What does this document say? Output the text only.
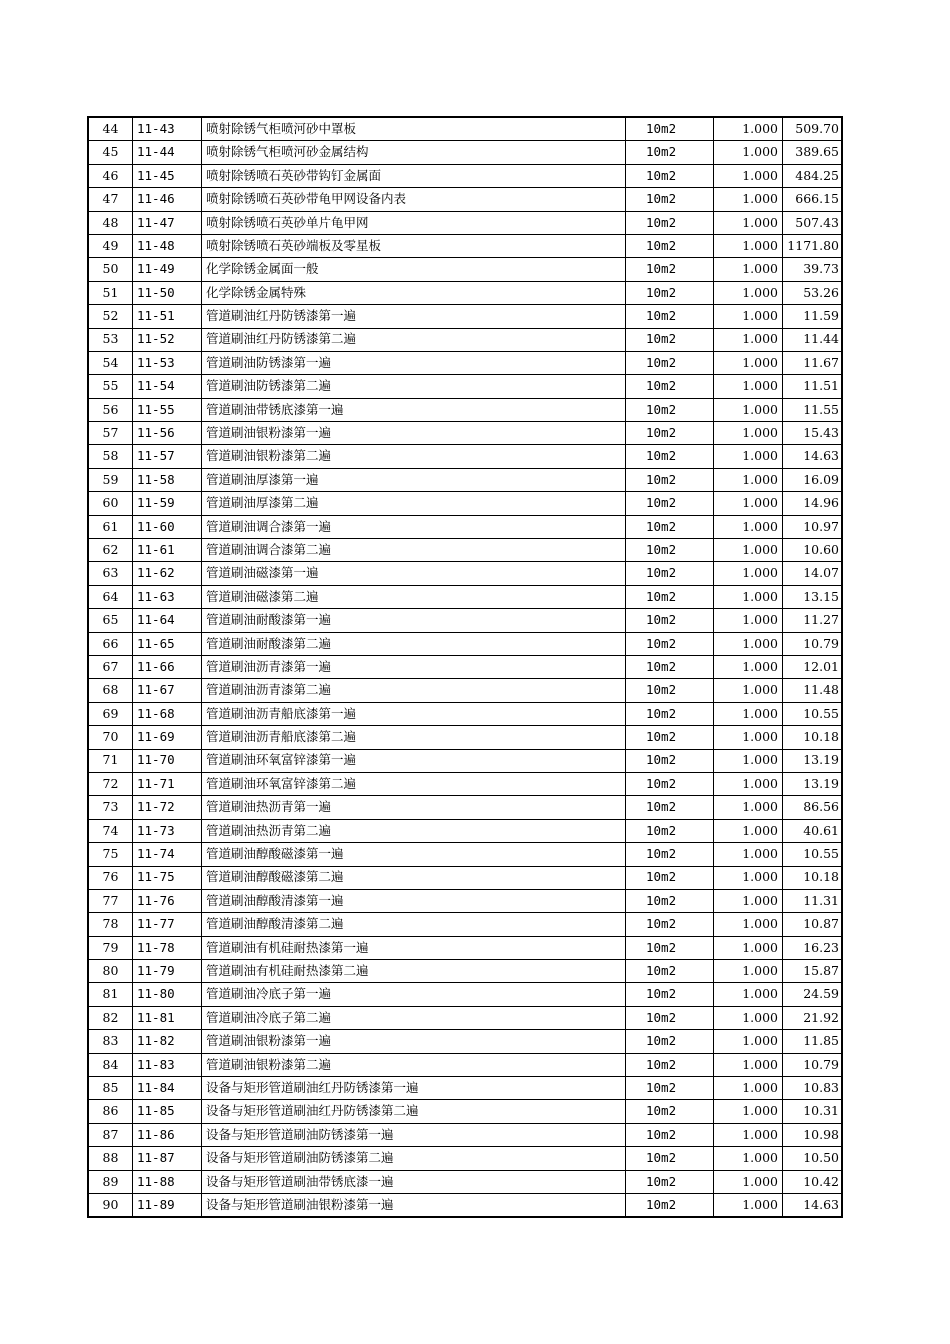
44	11-43	喷射除锈气柜喷河砂中罩板	10m2	1.000	509.70
45	11-44	喷射除锈气柜喷河砂金属结构	10m2	1.000	389.65
46	11-45	喷射除锈喷石英砂带钩钉金属面	10m2	1.000	484.25
47	11-46	喷射除锈喷石英砂带龟甲网设备内表	10m2	1.000	666.15
48	11-47	喷射除锈喷石英砂单片龟甲网	10m2	1.000	507.43
49	11-48	喷射除锈喷石英砂端板及零星板	10m2	1.000	1171.80
50	11-49	化学除锈金属面一般	10m2	1.000	39.73
51	11-50	化学除锈金属特殊	10m2	1.000	53.26
52	11-51	管道刷油红丹防锈漆第一遍	10m2	1.000	11.59
53	11-52	管道刷油红丹防锈漆第二遍	10m2	1.000	11.44
54	11-53	管道刷油防锈漆第一遍	10m2	1.000	11.67
55	11-54	管道刷油防锈漆第二遍	10m2	1.000	11.51
56	11-55	管道刷油带锈底漆第一遍	10m2	1.000	11.55
57	11-56	管道刷油银粉漆第一遍	10m2	1.000	15.43
58	11-57	管道刷油银粉漆第二遍	10m2	1.000	14.63
59	11-58	管道刷油厚漆第一遍	10m2	1.000	16.09
60	11-59	管道刷油厚漆第二遍	10m2	1.000	14.96
61	11-60	管道刷油调合漆第一遍	10m2	1.000	10.97
62	11-61	管道刷油调合漆第二遍	10m2	1.000	10.60
63	11-62	管道刷油磁漆第一遍	10m2	1.000	14.07
64	11-63	管道刷油磁漆第二遍	10m2	1.000	13.15
65	11-64	管道刷油耐酸漆第一遍	10m2	1.000	11.27
66	11-65	管道刷油耐酸漆第二遍	10m2	1.000	10.79
67	11-66	管道刷油沥青漆第一遍	10m2	1.000	12.01
68	11-67	管道刷油沥青漆第二遍	10m2	1.000	11.48
69	11-68	管道刷油沥青船底漆第一遍	10m2	1.000	10.55
70	11-69	管道刷油沥青船底漆第二遍	10m2	1.000	10.18
71	11-70	管道刷油环氧富锌漆第一遍	10m2	1.000	13.19
72	11-71	管道刷油环氧富锌漆第二遍	10m2	1.000	13.19
73	11-72	管道刷油热沥青第一遍	10m2	1.000	86.56
74	11-73	管道刷油热沥青第二遍	10m2	1.000	40.61
75	11-74	管道刷油醇酸磁漆第一遍	10m2	1.000	10.55
76	11-75	管道刷油醇酸磁漆第二遍	10m2	1.000	10.18
77	11-76	管道刷油醇酸清漆第一遍	10m2	1.000	11.31
78	11-77	管道刷油醇酸清漆第二遍	10m2	1.000	10.87
79	11-78	管道刷油有机硅耐热漆第一遍	10m2	1.000	16.23
80	11-79	管道刷油有机硅耐热漆第二遍	10m2	1.000	15.87
81	11-80	管道刷油冷底子第一遍	10m2	1.000	24.59
82	11-81	管道刷油冷底子第二遍	10m2	1.000	21.92
83	11-82	管道刷油银粉漆第一遍	10m2	1.000	11.85
84	11-83	管道刷油银粉漆第二遍	10m2	1.000	10.79
85	11-84	设备与矩形管道刷油红丹防锈漆第一遍	10m2	1.000	10.83
86	11-85	设备与矩形管道刷油红丹防锈漆第二遍	10m2	1.000	10.31
87	11-86	设备与矩形管道刷油防锈漆第一遍	10m2	1.000	10.98
88	11-87	设备与矩形管道刷油防锈漆第二遍	10m2	1.000	10.50
89	11-88	设备与矩形管道刷油带锈底漆一遍	10m2	1.000	10.42
90	11-89	设备与矩形管道刷油银粉漆第一遍	10m2	1.000	14.63
